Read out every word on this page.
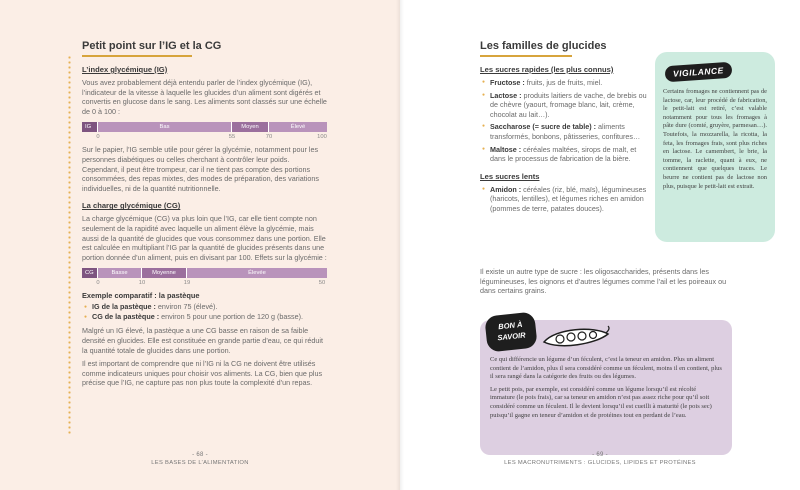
Petit point sur l’IG et la CG
L’index glycémique (IG)

Vous avez probablement déjà entendu parler de l’index glycémique (IG), l’indicateur de la vitesse à laquelle les glucides d’un aliment sont digérés et convertis en glucose dans le sang. Les aliments sont classés sur une échelle de 0 à 100 :

IG	Bas	Moyen	Élevé
0	55	70	100

Sur le papier, l’IG semble utile pour gérer la glycémie, notamment pour les personnes diabétiques ou celles cherchant à contrôler leur poids. Cependant, il peut être trompeur, car il ne tient pas compte des portions consommées, des repas mixtes, des modes de préparation, des variations individuelles, ni de la quantité nutritionnelle.

La charge glycémique (CG)

La charge glycémique (CG) va plus loin que l’IG, car elle tient compte non seulement de la rapidité avec laquelle un aliment élève la glycémie, mais aussi de la quantité de glucides que vous consommez dans une portion. Elle est calculée en multipliant l’IG par la quantité de glucides présents dans une portion donnée d’un aliment, puis en divisant par 100. Effets sur la glycémie :

CG	Basse	Moyenne	Élevée
0	10	19	50
Exemple comparatif : la pastèque
● IG de la pastèque : environ 75 (élevé).
● CG de la pastèque : environ 5 pour une portion de 120 g (basse).

Malgré un IG élevé, la pastèque a une CG basse en raison de sa faible densité en glucides. Elle est constituée en grande partie d’eau, ce qui réduit la quantité totale de glucides dans une portion.

Il est important de comprendre que ni l’IG ni la CG ne doivent être utilisés comme indicateurs uniques pour choisir vos aliments. La CG, bien que plus précise que l’IG, ne capture pas non plus toute la complexité d’un repas.

- 68 -
LES BASES DE L’ALIMENTATION
Les familles de glucides
Les sucres rapides (les plus connus)
● Fructose : fruits, jus de fruits, miel.
● Lactose : produits laitiers de vache, de brebis ou de chèvre (yaourt, fromage blanc, lait, crème, chocolat au lait…).
● Saccharose (= sucre de table) : aliments transformés, bonbons, pâtisseries, confitures…
● Maltose : céréales maltées, sirops de malt, et dans le processus de fabrication de la bière.
Les sucres lents
● Amidon : céréales (riz, blé, maïs), légumineuses (haricots, lentilles), et légumes riches en amidon (pommes de terre, patates douces).

Il existe un autre type de sucre : les oligosaccharides, présents dans les légumineuses, les oignons et d’autres légumes comme l’ail et les poireaux ou dans certains grains.

VIGILANCE
Certains fromages ne contiennent pas de lactose, car, leur procédé de fabrication, le petit-lait est retiré, c’est valable notamment pour tous les fromages à pâte dure (comté, gruyère, parmesan…). Toutefois, la mozzarella, la ricotta, la feta, les fromages frais, sont plus riches en lactose. Le camembert, le brie, la tomme, la raclette, quant à eux, ne contiennent que quelques traces. Le beurre ne contient pas de lactose non plus, puisque le petit-lait est extrait.
BON À
SAVOIR

Ce qui différencie un légume d’un féculent, c’est la teneur en amidon. Plus un aliment contient de l’amidon, plus il sera considéré comme un féculent, moins il en contient, plus il sera rangé dans la catégorie des fruits ou des légumes.

Le petit pois, par exemple, est considéré comme un légume lorsqu’il est récolté immature (le pois frais), car sa teneur en amidon n’est pas assez riche pour qu’il soit considéré comme un féculent. Il le devient lorsqu’il est cueilli à maturité (le pois sec) puisqu’il gagne en teneur d’amidon et de protéines tout en perdant de l’eau.

- 69 -
LES MACRONUTRIMENTS : GLUCIDES, LIPIDES ET PROTÉINES
